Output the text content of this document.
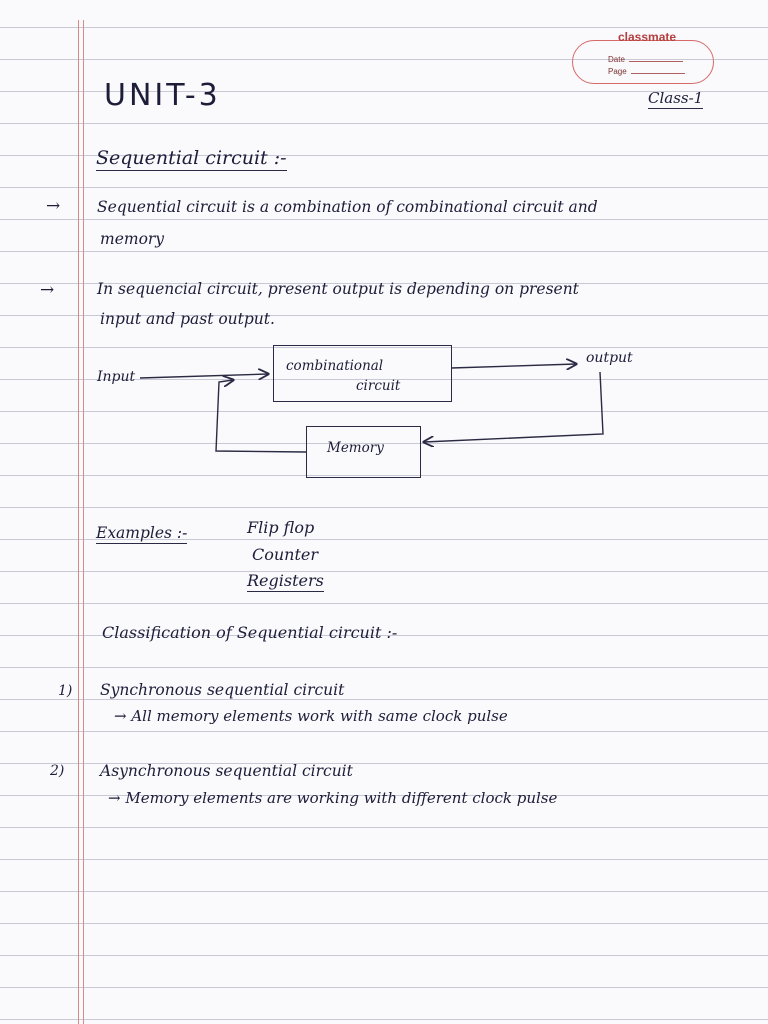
classmate
Date
Page
UNIT-3	Class-1
Sequential circuit :-
→ Sequential circuit is a combination of combinational circuit and
memory
→	In sequencial circuit, present output is depending on present
input and past output.
Input
combinational
circuit
output
Memory
Examples :-	Flip flop
Counter
Registers
Classification of Sequential circuit :-
1) Synchronous sequential circuit
→ All memory elements work with same clock pulse
2) Asynchronous sequential circuit
→ Memory elements are working with different clock pulse
